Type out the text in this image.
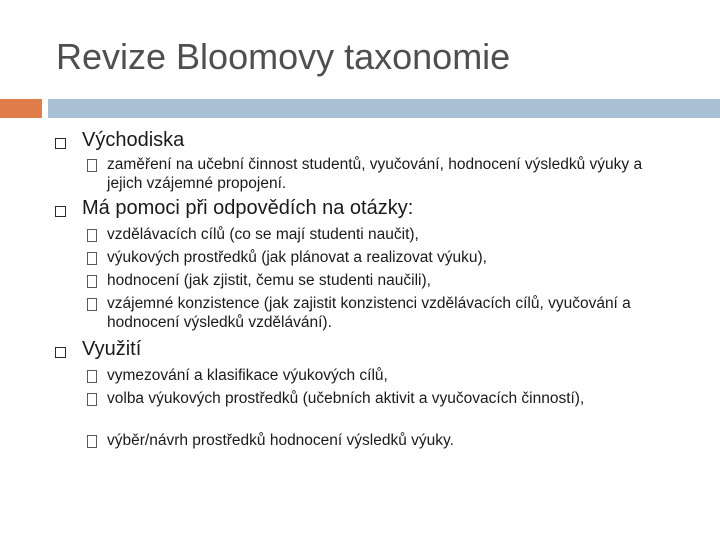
Revize Bloomovy taxonomie
Východiska
zaměření na učební činnost studentů, vyučování, hodnocení výsledků výuky a jejich vzájemné propojení.
Má pomoci při odpovědích na otázky:
vzdělávacích cílů (co se mají studenti naučit),
výukových prostředků (jak plánovat a realizovat výuku),
hodnocení (jak zjistit, čemu se studenti naučili),
vzájemné konzistence (jak zajistit konzistenci vzdělávacích cílů, vyučování a hodnocení výsledků vzdělávání).
Využití
vymezování a klasifikace výukových cílů,
volba výukových prostředků (učebních aktivit a vyučovacích činností),
výběr/návrh prostředků hodnocení výsledků výuky.
